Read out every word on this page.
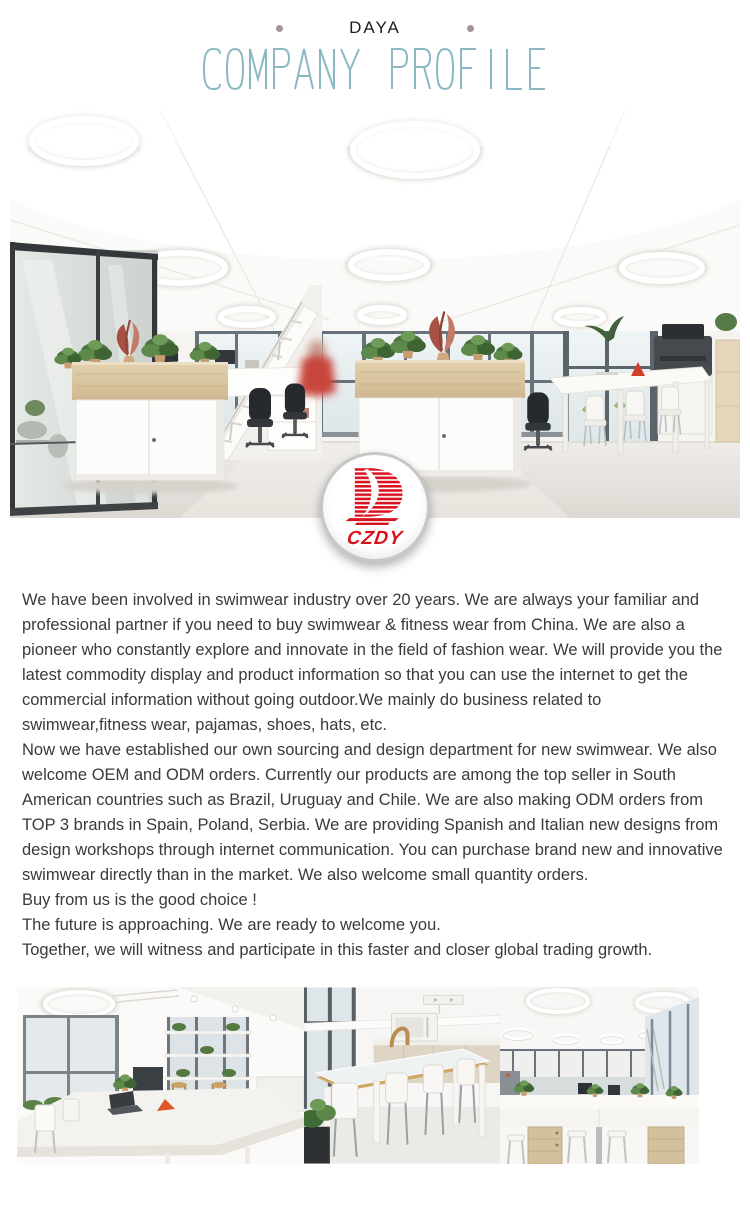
DAYA
CZDY

We have been involved in swimwear industry over 20 years. We are always your familiar and professional partner if you need to buy swimwear & fitness wear from China. We are also a pioneer who constantly explore and innovate in the field of fashion wear. We will provide you the latest commodity display and product information so that you can use the internet to get the commercial information without going outdoor.We mainly do business related to swimwear,fitness wear, pajamas, shoes, hats, etc.

Now we have established our own sourcing and design department for new swimwear. We also welcome OEM and ODM orders. Currently our products are among the top seller in South American countries such as Brazil, Uruguay and Chile. We are also making ODM orders from TOP 3 brands in Spain, Poland, Serbia. We are providing Spanish and Italian new designs from design workshops through internet communication. You can purchase brand new and innovative swimwear directly than in the market. We also welcome small quantity orders.

Buy from us is the good choice !

The future is approaching. We are ready to welcome you.

Together, we will witness and participate in this faster and closer global trading growth.
